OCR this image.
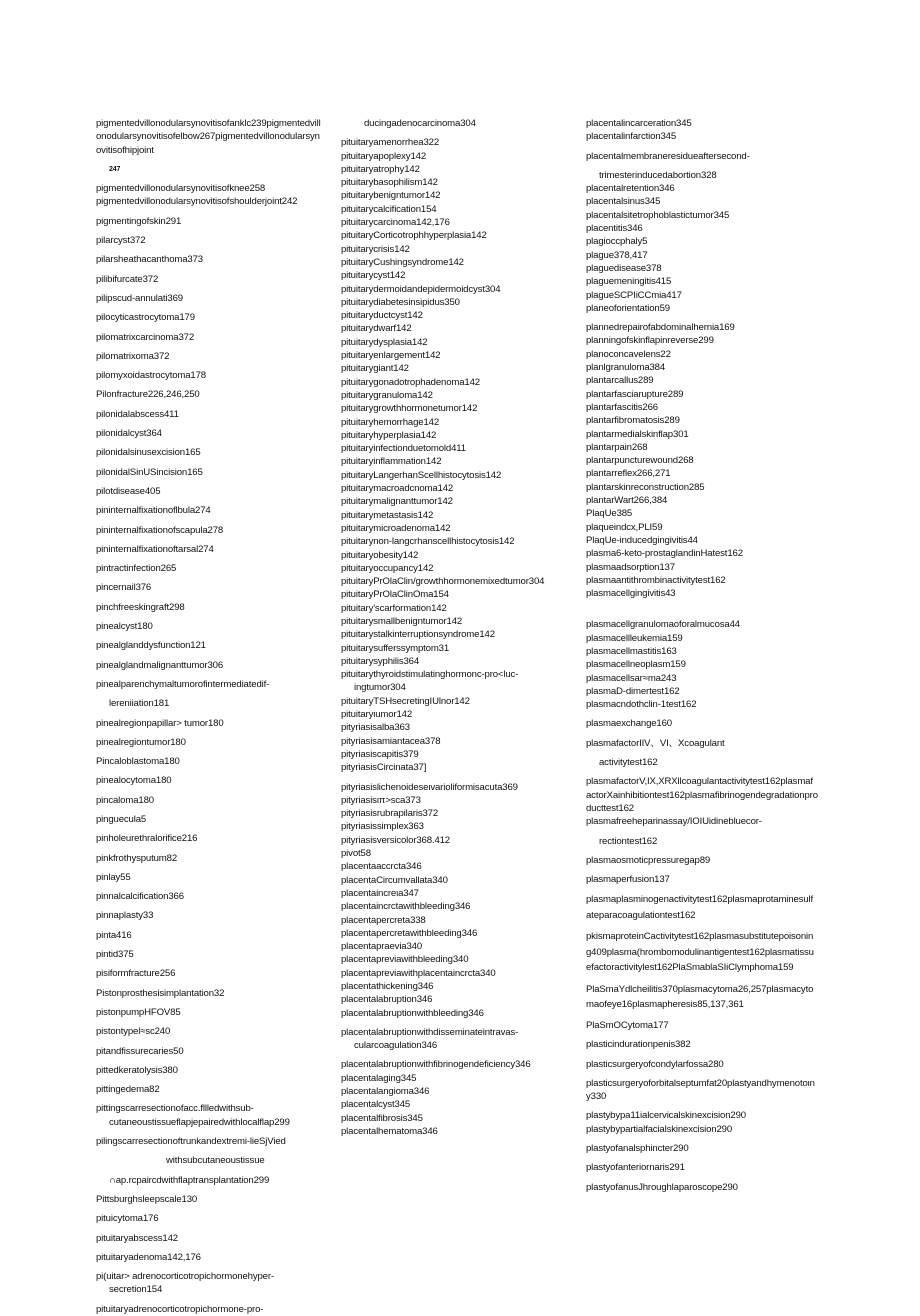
pigmentedvillonodularsynovitisofanklc239pigmentedvillonodularsynovitisofelbow267pigmentedvillonodularsynovitisofhipjoint
247
pigmentedvillonodularsynovitisofknee258
pigmentedvillonodularsynovitisofshoulderjoint242
pigmentingofskin291
pilarcyst372
pilarsheathacanthoma373
pilibifurcate372
pilipscud-annulati369
pilocyticastrocytoma179
pilomatrixcarcinoma372
pilomatrixoma372
pilomyxoidastrocytoma178
Pilonfracture226,246,250
pilonidalabscess411
pilonidalcyst364
pilonidalsinusexcision165
pilonidalSinUSincision165
pilotdisease405
pininternalfixationoflbula274
pininternalfixationofscapula278
pininternalfixationoftarsal274
pintractinfection265
pincernail376
pinchfreeskingraft298
pinealcyst180
pinealglanddysfunction121
pinealglandmalignanttumor306
pinealparenchymaltumorofintermediatedif-
lereniiation181
pinealregionpapillar> tumor180
pinealregiontumor180
Pincaloblastoma180
pinealocytoma180
pincaloma180
pinguecula5
pinholeurethralorifice216
pinkfrothysputum82
pinlay55
pinnalcalcification366
pinnaplasty33
pinta416
pintid375
pisiformfracture256
Pistonprosthesisimplantation32
pistonpumpHFOV85
pistontypel≈sc240
pitandfissurecaries50
pittedkeratolysis380
pittingedema82
pittingscarresectionofacc.fllledwithsub-
cutaneoustissueflapjepairedwithlocalflap299
pilingscarresectionoftrunkandextremi-lieSjVied
withsubcutaneoustissue
∩ap.rcpaircdwithflaptransplantation299
Pittsburghsleepscale130
pituicytoma176
pituitaryabscess142
pituitaryadenoma142,176
pi(uitar> adrenocorticotropichormonehyper-
secretion154
pituitaryadrenocorticotropichormone-pro-
ducingadenocarcinoma304
pituitaryamenorrhea322
pituitaryapoplexy142
pituitaryatrophy142
pituitarybasophilism142
pituitarybenigntumor142
pituitarycalcification154
pituitarycarcinoma142,176
pituitaryCorticotrophhyperplasia142
pituitarycrisis142
pituitaryCushingsyndrome142
pituitarycyst142
pituitarydermoidandepidermoidcyst304
pituitarydiabetesinsipidus350
pituitaryductcyst142
pituitarydwarf142
pituitarydysplasia142
pituitaryenlargement142
pituitarygiant142
pituitarygonadotrophadenoma142
pituitarygranuloma142
pituitarygrowthhormonetumor142
pituitaryhemorrhage142
pituitaryhyperplasia142
pituitaryinfectionduetomold411
pituitaryinflammation142
pituitaryLangerhanScellhistocytosis142
pituitarymacroadcnoma142
pituitarymalignanttumor142
pituitarymetastasis142
pituitarymicroadenoma142
pituitarynon-langcrhanscellhistocytosis142
pituitaryobesity142
pituitaryoccupancy142
pituitaryPrOlaClin/growthhormonemixedtumor304
pituitaryPrOlaClinOma154
pituitary'scarformation142
pituitarysmallbenigntumor142
pituitarystalkinterruptionsyndrome142
pituitarysufferssymptom31
pituitarysyphilis364
pituitarythyroidstimulatinghormonc-pro<luc-
ingtumor304
pituitaryTSHsecretingIUlnor142
pituitaryιumor142
pityriasisalba363
pityriasisamiantacea378
pityriasiscapitis379
pityriasisCircinata37]
pityriasislichenoideseιvarioliformisacuta369
pityriasisιπ>sca373
pityriasisrubrapilaris372
pityriasissimplex363
pityriasisversicolor368.412
pivot58
placentaaccrcta346
placentaCircumvallata340
placentaincreιa347
placentaincrctawithbleeding346
placentapercreta338
placentapercretawithbleeding346
placentapraevia340
placentapreviawithbleeding340
placentapreviawithplacentaincrcta340
placentathickening346
placentalabruption346
placentalabruptionwithbleeding346
placentalabruptionwithdisseminateintravas-
cularcoagulation346
placentalabruptionwithfibrinogendeficiency346
placentalaging345
placentalangioma346
placentalcyst345
placentalfibrosis345
placentalhematoma346
placentalincarceration345
placentalinfarction345
placentalmembraneresidueaftersecond-
trimesterinducedabortion328
placentalretention346
placentalsinus345
placentalsitetrophoblastictumor345
placentitis346
plagioccphaly5
plague378,417
plaguedisease378
plaguemeningitis415
plagueSCPIiCCmia417
planeoforientation59
plannedrepairofabdominalhernia169
planningofskinflapinreverse299
planoconcavelens22
planlgranuloma384
plantarcallus289
plantarfasciarupture289
plantarfascitis266
plantarfibromatosis289
plantarmedialskinflap301
plantarpain268
plantarpuncturewound268
plantarreflex266,271
plantarskinreconstruction285
plantarWart266,384
PlaqUe385
plaqueindcx,PLI59
PlaqUe-inducedgingivitis44
plasma6-keto-prostaglandinHatest162
plasmaadsorption137
plasmaantithrombinactivitytest162
plasmacellgingivitis43
plasmacellgranulomaoforalmucosa44
plasmacellleukemia159
plasmacellmastitis163
plasmacellneoplasm159
plasmacellsar≈ma243
plasmaD-dimertest162
plasmacndothclin-1test162
plasmaexchange160
plasmafactorIIV、VI、Xcoagulant
activitytest162
plasmafactorV,IX,XRXllcoagulantactivitytest162plasmafactorXainhibitiontest162plasmafibrinogendegradationproducttest162
plasmafreeheparinassay/IOIUidinebluecor-
rectiontest162
plasmaosmoticpressuregap89
plasmaperfusion137
plasmaplasminogenactivitytest162plasmaprotaminesulfateparacoagulationtest162
pkismaproteinCactivitytest162plasmasubstitutepoisoning409plasma(hrombomodulinantigentest162plasmatissuefactoractivitylest162PlaSmablaSIiClymphoma159
PlaSmaYdlcheilitis370plasmacytoma26,257plasmacytomaofeye16plasmapheresis85,137,361
PlaSmOCytoma177
plasticindurationpenis382
plasticsurgeryofcondylarfossa280
plasticsurgeryoforbitalseptumfat20plastyandhymenotoιny330
plastybypa11ialcervicalskinexcision290
plastybypartialfacialskinexcision290
plastyofanalsphincter290
plastyofanteriornaris291
plastyofanusJhroughlaparoscope290
